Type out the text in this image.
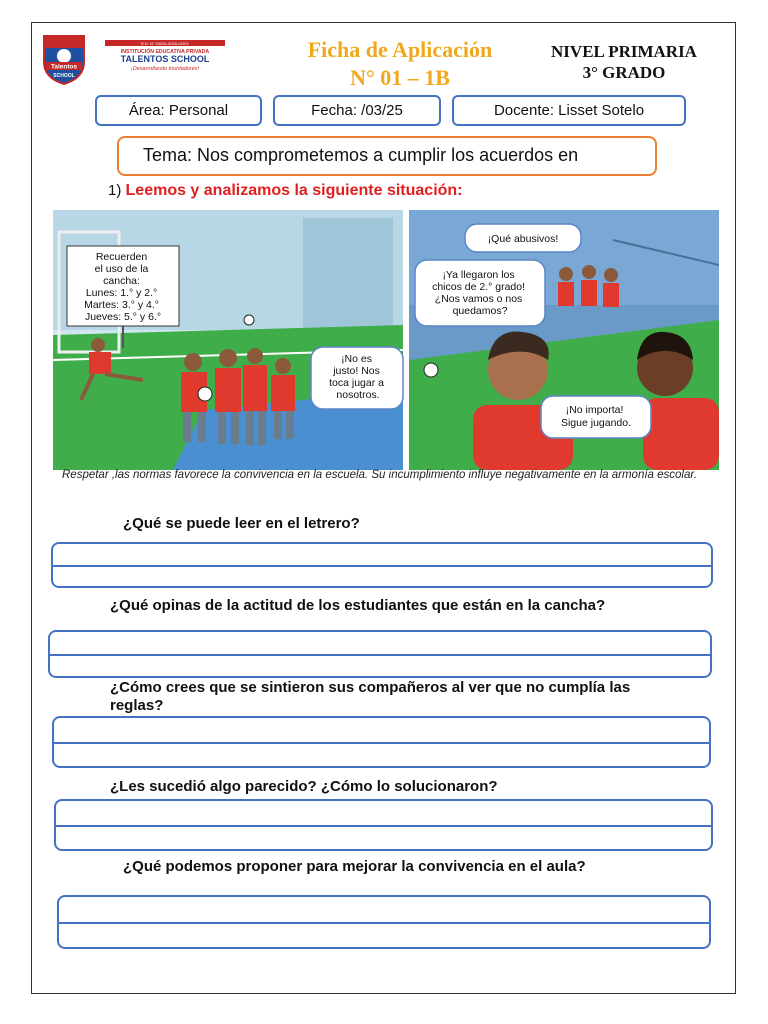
Talentos
SCHOOL
R.D. N° 00030-2018-UGEL
INSTITUCIÓN EDUCATIVA PRIVADA
TALENTOS SCHOOL
¡Desarrollando triunfadores!
Ficha de Aplicación
N° 01 – 1B
NIVEL PRIMARIA
3° GRADO
Área: Personal	Fecha: /03/25	Docente: Lisset Sotelo
Tema: Nos comprometemos a cumplir los acuerdos en
1) Leemos y analizamos la siguiente situación:
Recuerden el uso de la cancha: Lunes: 1.° y 2.° Martes: 3.° y 4.° Jueves: 5.° y 6.°
¡No es justo! Nos toca jugar a nosotros.
¡Qué abusivos!
¡Ya llegaron los chicos de 2.° grado! ¿Nos vamos o nos quedamos?
¡No importa! Sigue jugando.
Respetar ,las normas favorece la convivencia en la escuela. Su incumplimiento influye negativamente en la armonía escolar.
¿Qué se puede leer en el letrero?
¿Qué opinas de la actitud de los estudiantes que están en la cancha?
¿Cómo crees que se sintieron sus compañeros al ver que no cumplía las reglas?
¿Les sucedió algo parecido? ¿Cómo lo solucionaron?
¿Qué podemos proponer para mejorar la convivencia en el aula?
